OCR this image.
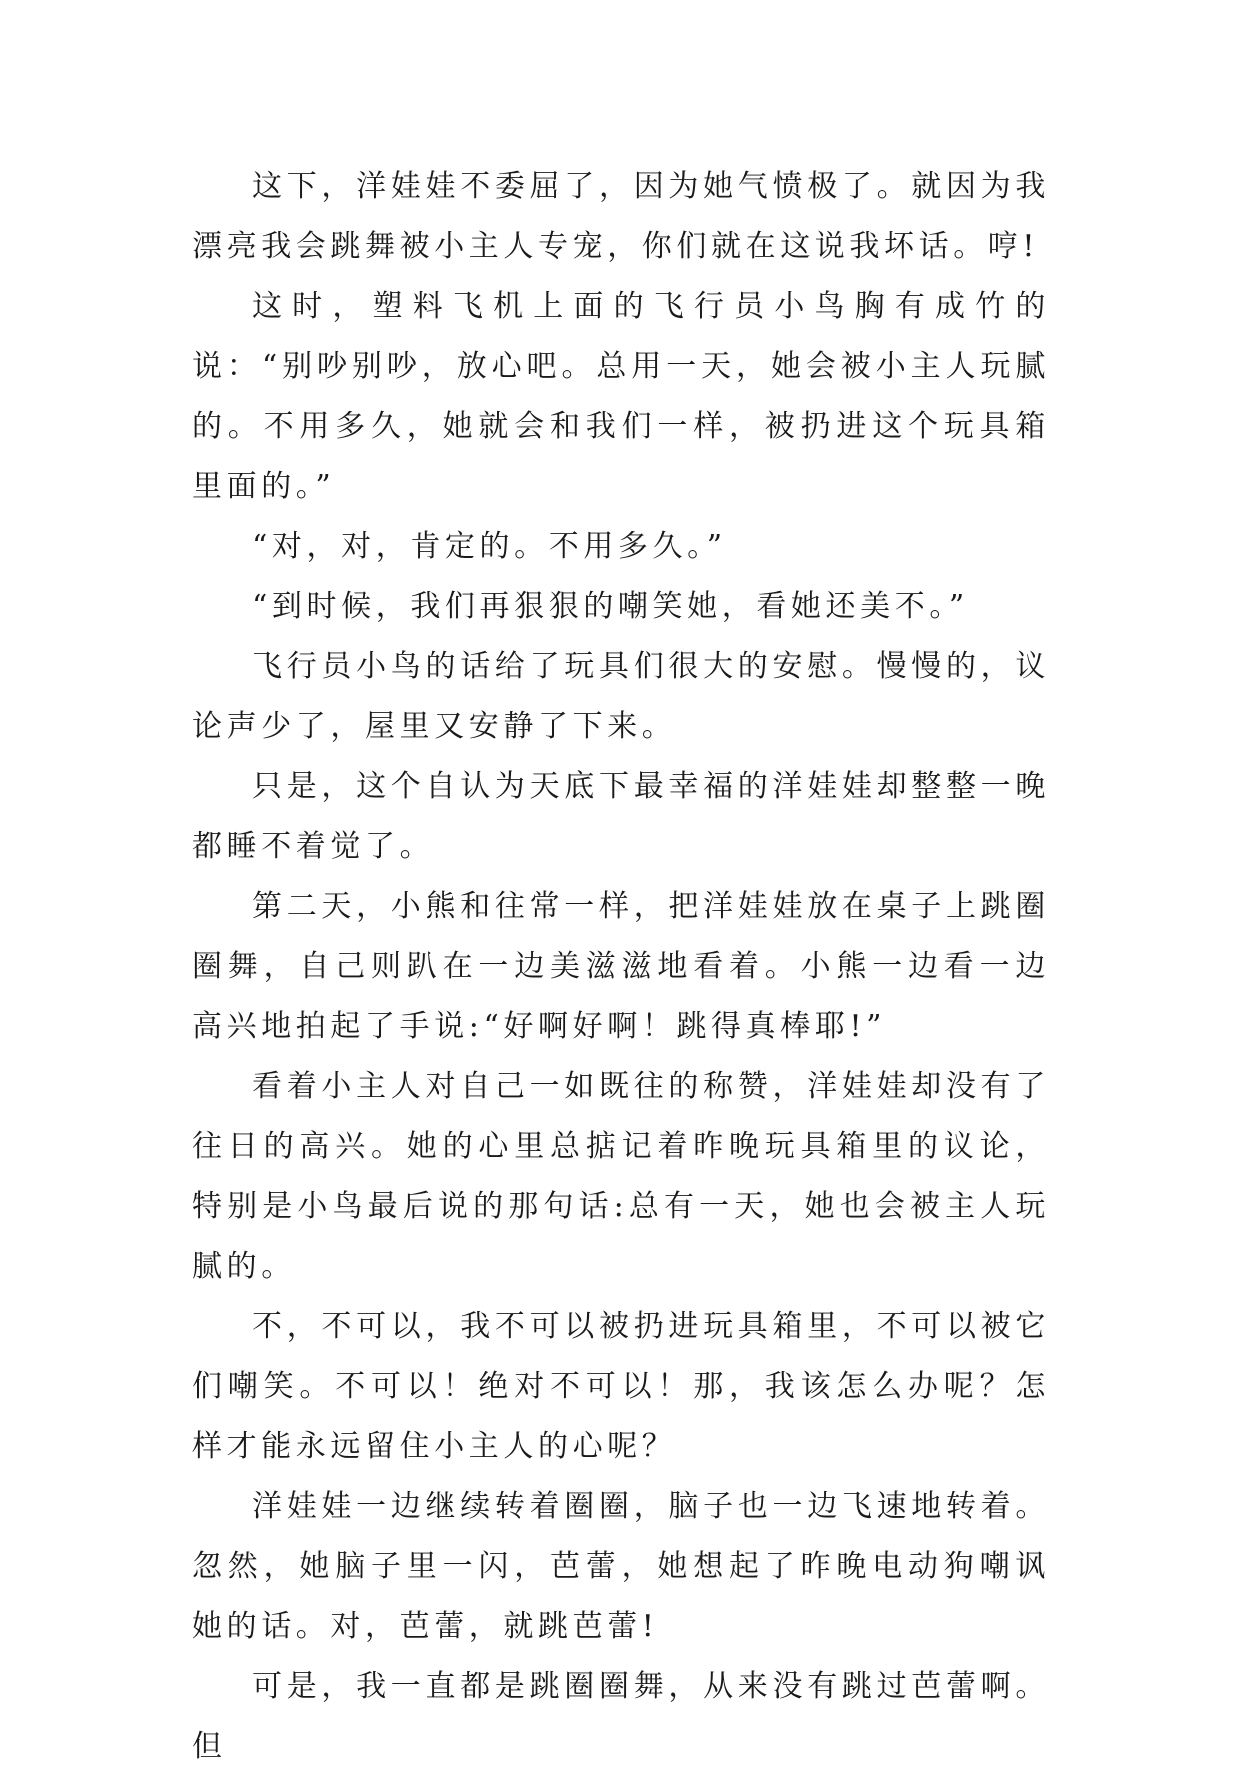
这下，洋娃娃不委屈了，因为她气愤极了。就因为我漂亮我会跳舞被小主人专宠，你们就在这说我坏话。哼!

这时，塑料飞机上面的飞行员小鸟胸有成竹的说：“别吵别吵，放心吧。总用一天，她会被小主人玩腻的。不用多久，她就会和我们一样，被扔进这个玩具箱里面的。”

“对，对，肯定的。不用多久。”

“到时候，我们再狠狠的嘲笑她，看她还美不。”

飞行员小鸟的话给了玩具们很大的安慰。慢慢的，议论声少了，屋里又安静了下来。

只是，这个自认为天底下最幸福的洋娃娃却整整一晚都睡不着觉了。

第二天，小熊和往常一样，把洋娃娃放在桌子上跳圈圈舞，自己则趴在一边美滋滋地看着。小熊一边看一边高兴地拍起了手说:“好啊好啊！跳得真棒耶!”

看着小主人对自己一如既往的称赞，洋娃娃却没有了往日的高兴。她的心里总掂记着昨晚玩具箱里的议论，特别是小鸟最后说的那句话:总有一天，她也会被主人玩腻的。

不，不可以，我不可以被扔进玩具箱里，不可以被它们嘲笑。不可以！绝对不可以！那，我该怎么办呢？怎样才能永远留住小主人的心呢？

洋娃娃一边继续转着圈圈，脑子也一边飞速地转着。忽然，她脑子里一闪，芭蕾，她想起了昨晚电动狗嘲讽她的话。对，芭蕾，就跳芭蕾!

可是，我一直都是跳圈圈舞，从来没有跳过芭蕾啊。但
